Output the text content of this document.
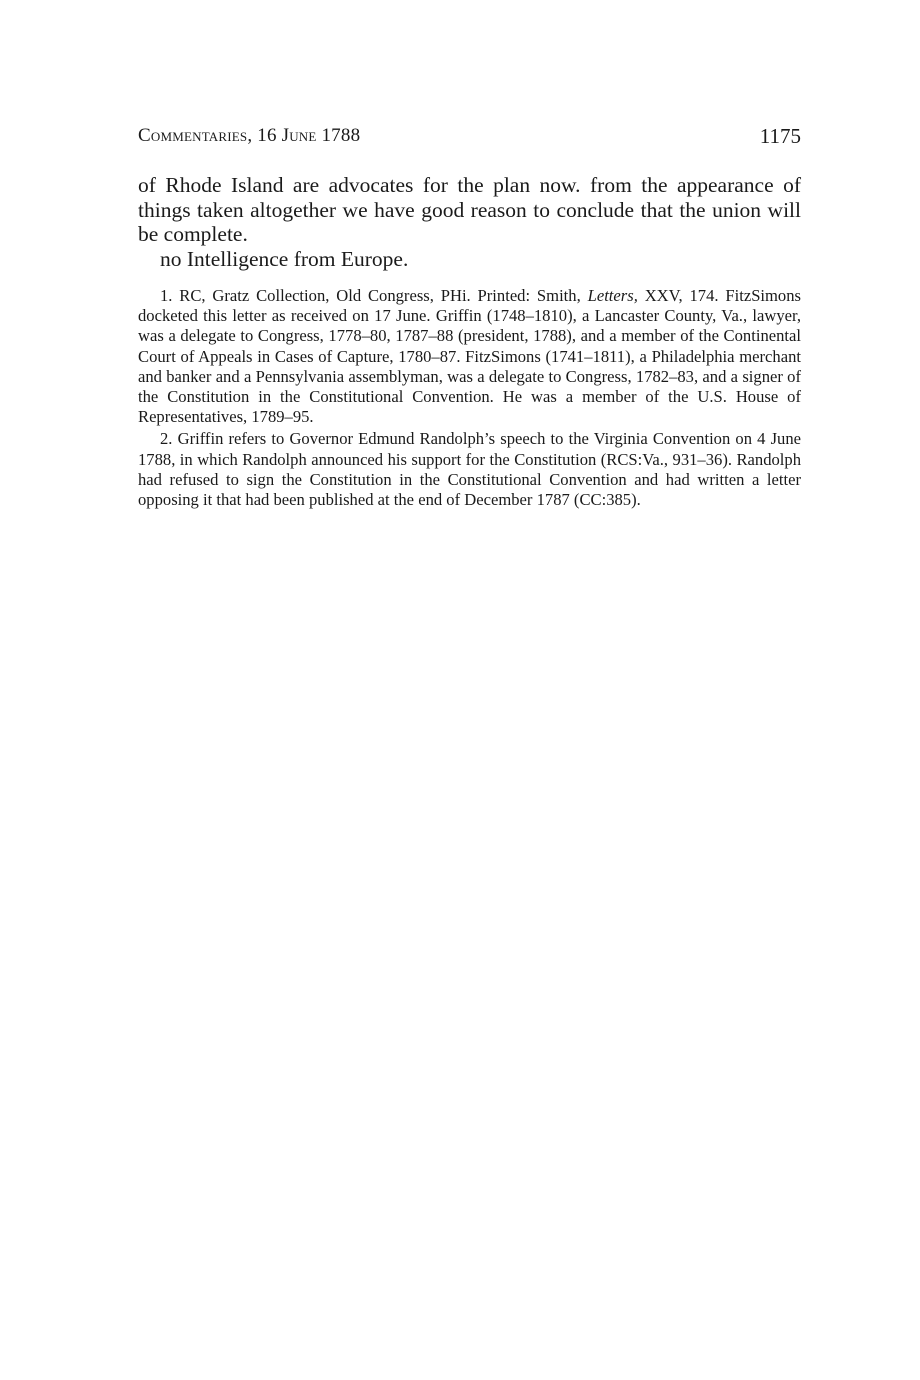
Commentaries, 16 June 1788	1175

of Rhode Island are advocates for the plan now. from the appearance of things taken altogether we have good reason to conclude that the union will be complete.

no Intelligence from Europe.

1. RC, Gratz Collection, Old Congress, PHi. Printed: Smith, Letters, XXV, 174. FitzSimons docketed this letter as received on 17 June. Griffin (1748–1810), a Lancaster County, Va., lawyer, was a delegate to Congress, 1778–80, 1787–88 (president, 1788), and a member of the Continental Court of Appeals in Cases of Capture, 1780–87. FitzSimons (1741–1811), a Philadelphia merchant and banker and a Pennsylvania assemblyman, was a delegate to Congress, 1782–83, and a signer of the Constitution in the Constitutional Convention. He was a member of the U.S. House of Representatives, 1789–95.

2. Griffin refers to Governor Edmund Randolph’s speech to the Virginia Convention on 4 June 1788, in which Randolph announced his support for the Constitution (RCS:Va., 931–36). Randolph had refused to sign the Constitution in the Constitutional Convention and had written a letter opposing it that had been published at the end of December 1787 (CC:385).
